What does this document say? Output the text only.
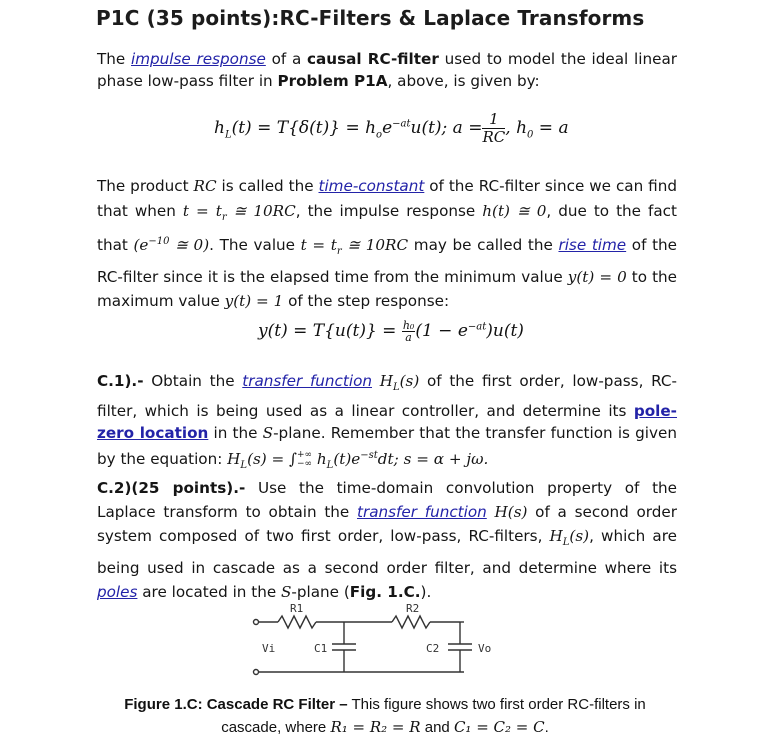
P1C (35 points):RC-Filters & Laplace Transforms
The impulse response of a causal RC-filter used to model the ideal linear phase low-pass filter in Problem P1A, above, is given by:
$h_L(t) = T\{\delta(t)\} = h_oe^{-at}u(t)$; $a = \frac{1}{RC}$ , $h_0 = a$
The product RC is called the time-constant of the RC-filter since we can find that when $t = t_r$ ≅ 10RC, the impulse response h(t) ≅ 0, due to the fact that ($e^{-10}$ ≅ 0). The value $t = t_r$ ≅ 10RC may be called the rise time of the RC-filter since it is the elapsed time from the minimum value y(t) = 0 to the maximum value y(t) = 1 of the step response:
$y(t) = T\{u(t)\} = \frac{\text{h₀}}{a} (1 - e^{-at})u(t)$
C.1).- Obtain the transfer function $H_L(s)$ of the first order, low-pass, RC-filter, which is being used as a linear controller, and determine its pole-zero location in the S-plane. Remember that the transfer function is given by the equation: $H_L(s)$ = ∫ +∞
−∞ $h_L(t)e^{-st}dt$; s = α + jω.
C.2)(25 points).- Use the time-domain convolution property of the Laplace transform to obtain the transfer function H(s) of a second order system composed of two first order, low-pass, RC-filters, $H_L(s)$, which are being used in cascade as a second order filter, and determine where its poles are located in the S-plane (Fig. 1.C.).
R1	R2
Vi	C1	C2	Vo
Figure 1.C: Cascade RC Filter – This figure shows two first order RC-filters in cascade, where R₁ = R₂ = R and C₁ = C₂ = C.
